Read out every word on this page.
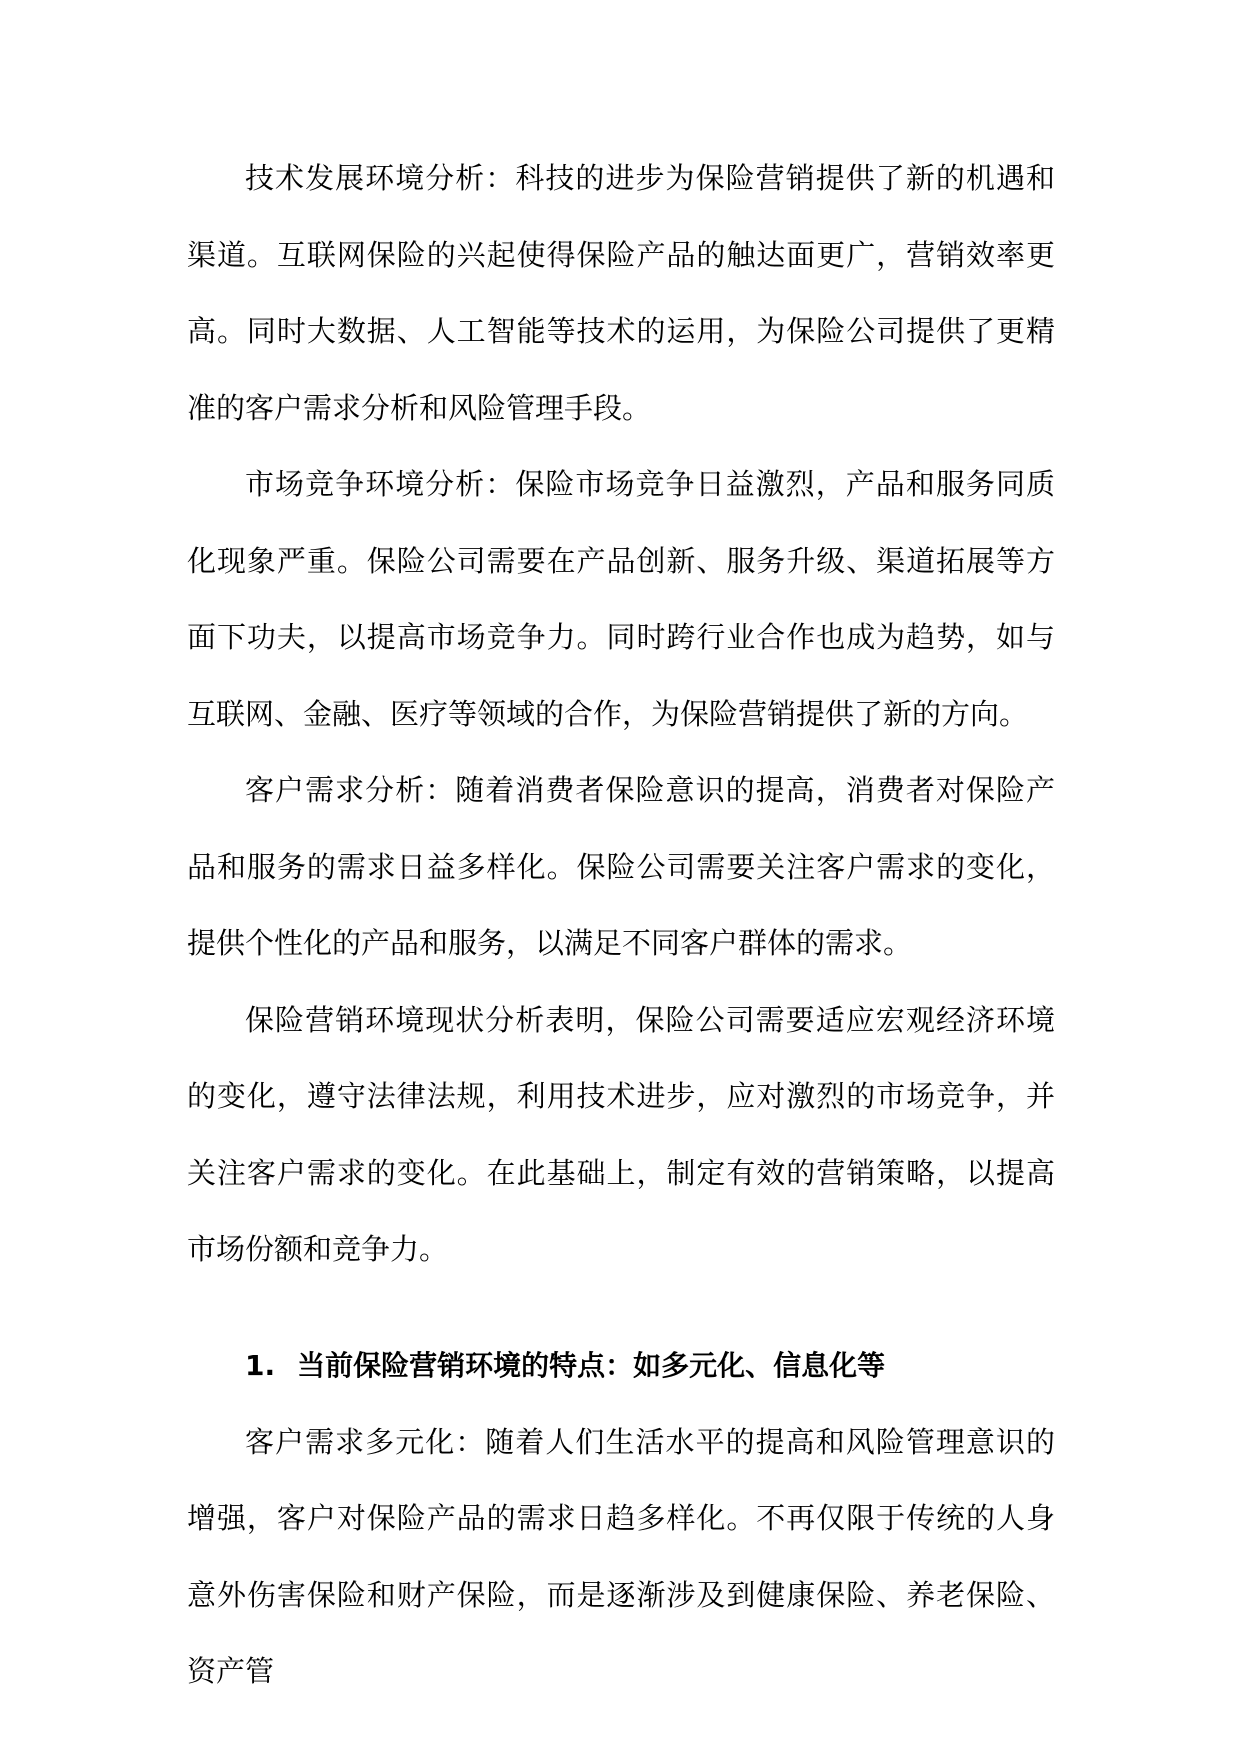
技术发展环境分析：科技的进步为保险营销提供了新的机遇和渠道。互联网保险的兴起使得保险产品的触达面更广，营销效率更高。同时大数据、人工智能等技术的运用，为保险公司提供了更精准的客户需求分析和风险管理手段。

市场竞争环境分析：保险市场竞争日益激烈，产品和服务同质化现象严重。保险公司需要在产品创新、服务升级、渠道拓展等方面下功夫，以提高市场竞争力。同时跨行业合作也成为趋势，如与互联网、金融、医疗等领域的合作，为保险营销提供了新的方向。

客户需求分析：随着消费者保险意识的提高，消费者对保险产品和服务的需求日益多样化。保险公司需要关注客户需求的变化，提供个性化的产品和服务，以满足不同客户群体的需求。

保险营销环境现状分析表明，保险公司需要适应宏观经济环境的变化，遵守法律法规，利用技术进步，应对激烈的市场竞争，并关注客户需求的变化。在此基础上，制定有效的营销策略，以提高市场份额和竞争力。

1. 当前保险营销环境的特点：如多元化、信息化等

客户需求多元化：随着人们生活水平的提高和风险管理意识的增强，客户对保险产品的需求日趋多样化。不再仅限于传统的人身意外伤害保险和财产保险，而是逐渐涉及到健康保险、养老保险、资产管
